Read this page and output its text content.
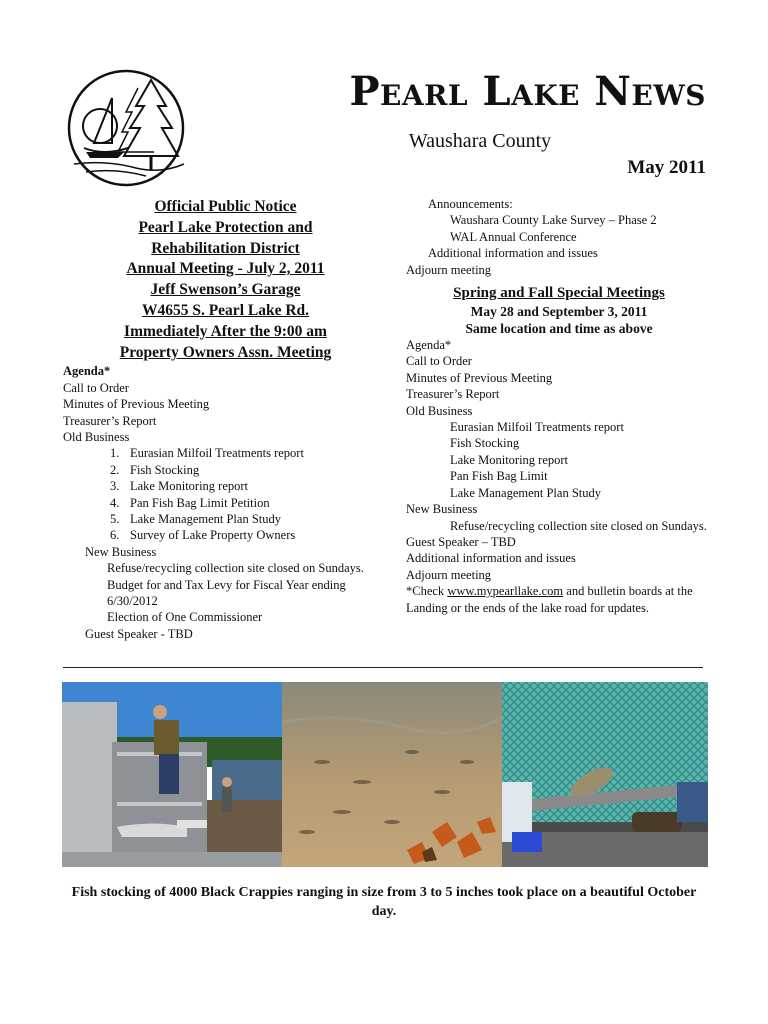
Pearl Lake News
Waushara County
May 2011
Official Public Notice
Pearl Lake Protection and
Rehabilitation District
Annual Meeting - July 2, 2011
Jeff Swenson’s Garage
W4655 S. Pearl Lake Rd.
Immediately After the 9:00 am
Property Owners Assn. Meeting
Agenda*
Call to Order
Minutes of Previous Meeting
Treasurer’s Report
Old Business
Eurasian Milfoil Treatments report
Fish Stocking
Lake Monitoring report
Pan Fish Bag Limit Petition
Lake Management Plan Study
Survey of Lake Property Owners
New Business
Refuse/recycling collection site closed on Sundays.
Budget for and Tax Levy for Fiscal Year ending 6/30/2012
Election of One Commissioner
Guest Speaker - TBD
Announcements:
Waushara County Lake Survey – Phase 2
WAL Annual Conference
Additional information and issues
Adjourn meeting
Spring and Fall Special Meetings
May 28 and September 3, 2011
Same location and time as above
Agenda*
Call to Order
Minutes of Previous Meeting
Treasurer’s Report
Old Business
Eurasian Milfoil Treatments report
Fish Stocking
Lake Monitoring report
Pan Fish Bag Limit
Lake Management Plan Study
New Business
Refuse/recycling collection site closed on Sundays.
Guest Speaker – TBD
Additional information and issues
Adjourn meeting
*Check www.mypearllake.com and bulletin boards at the Landing or the ends of the lake road for updates.
Fish stocking of 4000 Black Crappies ranging in size from 3 to 5 inches took place on a beautiful October day.
